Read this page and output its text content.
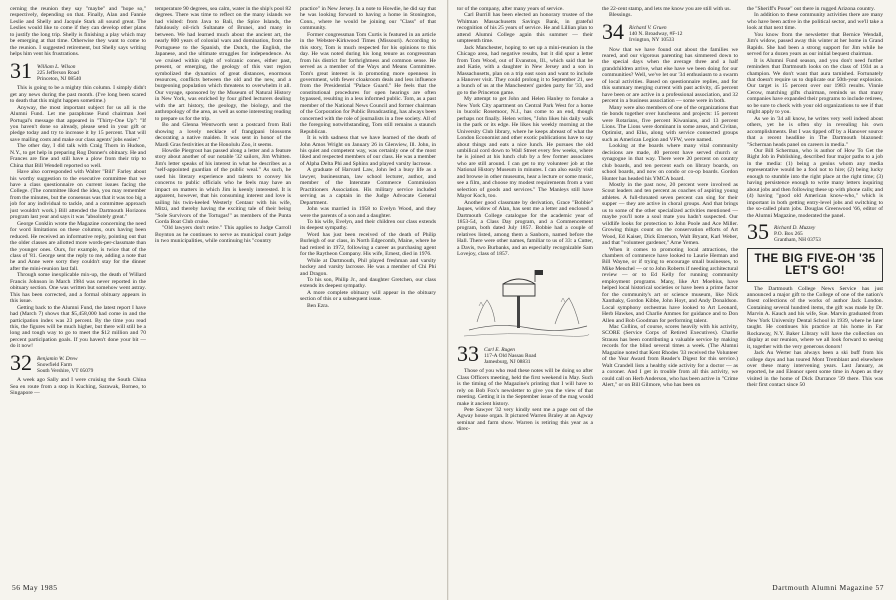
cerning the reunion they say "maybe" and "hope so," respectively, depending on that. Finally, Alan and Fannie Leslie and Shelly and Jacquie Stark all sound great. The Leslies would like to come if they can develop other plans to justify the long trip. Shelly is finishing a play which may be emerging at that time. Otherwise they want to come to the reunion. I suggested retirement, but Shelly says writing helps him vent his frustrations.

31 William L. Wilson
225 Jefferson Road
Princeton, NJ 08540

This is going to be a mighty thin column. I simply didn't get any news during the past month. (I've long been scared to death that this might happen sometime.)

Anyway, the most important subject for us all is the Alumni Fund. Let me paraphrase Fund chairman Joel Portugal's message that appeared in "Thirty-One Up": "If you haven't done so already, please send in your gift or pledge today and try to increase it by 15 percent. That will save mailing costs and make our class agents' jobs easier."

The other day, I did talk with Craig Thorn in Hudson, N.Y., to get help in preparing Rog Donner's obituary. He and Frances are fine and still have a plow from their trip to China that Bill Wendell reported so well.

Have also corresponded with Walter "Bill" Farley about his worthy suggestion to the executive committee that we have a class questionnaire on current issues facing the College. (The committee liked the idea, you may remember from the minutes, but the consensus was that it was too big a job for any individual to tackle, and a committee approach just wouldn't work.) Bill attended the Dartmouth Horizons program last year and says it was "absolutely great."

George Conklin wrote the Magazine concerning the need for word limitations on these columns, ours having been reduced. He received an informative reply, pointing out that the older classes are allotted more words-per-classmate than the younger ones. Ours, for example, is twice that of the class of '81. George sent the reply to me, adding a note that he and Anne were sorry they couldn't stay for the dinner after the mini-reunion last fall.

Through some inexplicable mix-up, the death of Willard Francis Johnson in March 1984 was never reported in the obituary section. One was written but somehow went astray. This has been corrected, and a formal obituary appears in this issue.

Getting back to the Alumni Fund, the latest report I have had (March 7) shows that $5,458,000 had come in and the participation index was 23 percent. By the time you read this, the figures will be much higher, but there will still be a long and tough way to go to meet the $12 million and 70 percent participation goals. If you haven't done your bit — do it now!

32 Benjamin W. Drew
Snowfield Farm
South Vershire, VT 05079

A week ago Sally and I were cruising the South China Sea en route from a stop in Kuching, Sarawak, Borneo, to Singapore —

temperature 90 degrees, sea calm, water in the ship's pool 82 degrees. There was time to reflect on the many islands we had visited: from Java to Bali, the Spice Islands, the fabulously oil-rich Sultanate of Brunei, and many in between. We had learned much about the ancient art, the nearly 800 years of colonial wars and domination, from the Portuguese to the Spanish, the Dutch, the English, the Japanese, and the ultimate struggles for independence. As we cruised within sight of volcanic cones, either past, present, or emerging, the geology of this vast region symbolized the dynamics of great distances, enormous resources, conflicts between the old and the new, and a burgeoning population which threatens to overwhelm it all. Our voyage, sponsored by the Museum of Natural History in New York, was enriched by four gifted lecturers dealing with the art history, the geology, the biology, and the anthropology of the area, as well as some interesting reading to prepare us for the trip.

Bo and Glenna Wentworth sent a postcard from Bali showing a lovely necklace of frangipani blossoms decorating a native maiden. It was sent in honor of the Mardi Gras festivities at the Honolulu Zoo, it seems.

Howdie Piergrout has passed along a letter and a feature story about another of our notable '32 sailors, Jim Whitten. Jim's letter speaks of his interest in what he describes as a "self-appointed guardian of the public weal." As such, he used his literary experience and talents to convey his concerns to public officials who he feels may have an impact on matters in which Jim is keenly interested. It is apparent, however, that his consuming interest and love is sailing his twin-keeled Westerly Centaur with his wife, Mitzi, and thereby having the exciting tale of their being "Sole Survivors of the Tortugas!" as members of the Punta Gorda Boat Club cruise.

"Old lawyers don't retire." This applies to Judge Carroll Boynton as he continues to serve as municipal court judge in two municipalities, while continuing his "country

practice" in New Jersey. In a note to Howdie, he did say that he was looking forward to having a home in Stonington, Conn., where he would be joining our "Class" of that community.

Former congressman Tom Curtis is featured in an article in the Webster-Kirkwood Times (Missouri). According to this story, Tom is much respected for his opinions to this day. He was noted during his long tenure as congressman from his district for forthrightness and common sense. He served as a member of the Ways and Means Committee. Tom's great interest is in promoting more openness in government, with fewer cloakroom deals and less influence from the Presidential "Palace Guard." He feels that the constitutional procedures for open hearings are often bypassed, resulting in a less informed public. Tom, as a past member of the National News Council and former chairman of the Corporation for Public Broadcasting, has always been concerned with the role of journalists in a free society. All of the foregoing notwithstanding, Tom still remains a staunch Republican.

It is with sadness that we have learned of the death of John Amos Wright on January 26 in Glenview, Ill. John, in his quiet and competent way, was certainly one of the most liked and respected members of our class. He was a member of Alpha Delta Phi and Sphinx and played varsity lacrosse.

A graduate of Harvard Law, John led a busy life as a lawyer, businessman, law school lecturer, author, and member of the Interstate Commerce Commission Practitioners Association. His military service included serving as a captain in the Judge Advocate General Department.

John was married in 1958 to Evelyn Wood, and they were the parents of a son and a daughter.

To his wife, Evelyn, and their children our class extends its deepest sympathy.

Word has just been received of the death of Philip Burleigh of our class, in North Edgecomb, Maine, where he had retired in 1972, following a career as purchasing agent for the Raytheon Company. His wife, Ernest, died in 1976.

While at Dartmouth, Phil played freshman and varsity hockey and varsity lacrosse. He was a member of Chi Phi and Dragon.

To his son, Philip Jr., and daughter Gretchen, our class extends its deepest sympathy.

A more complete obituary will appear in the obituary section of this or a subsequent issue.

Ben Ezra.

56 May 1985

tor of the company, after many years of service.

Carl Burrill has been elected an honorary trustee of the Whitman Massachusetts Savings Bank, in grateful recognition of his 25 years of service. He and Lillian plan to attend Alumni College again this summer — their umpteenth time.

Jack Manchester, hoping to set up a mini-reunion in the Chicago area, had negative results, but it did spur a letter from Tom Wood, out of Evanston, Ill., which said that he and Katie, with a daughter in New Jersey and a son in Massachusetts, plan on a trip east soon and want to include a Hanover visit. They could prolong it to September 21, see a bunch of us at the Manchesters' garden party for '33, and go to the Princeton game.

My attempt to get John and Helen Hanley to forsake a New York City apartment on Central Park West for a home in bucolic Rosemoor, N.J., has come to an end, though perhaps not finally. Helen writes, "John likes his daily walk in the park or its edge. He likes his weekly morning at the University Club library, where he keeps abreast of what the London Economist and other exotic publications have to say about things and eats a nice lunch. He pursues the old umbilical cord down to Wall Street every few weeks, where he is joined at his lunch club by a few former associates who are still around. I can get to my volunteer job at the National History Museum in minutes. I can also easily visit and browse in other museums, hear a lecture or some music, see a film, and choose my modest requirements from a vast selection of goods and services." The Manleys still have Mayor Koch, too.

Another good classmate by derivation, Grace "Bobbie" Jaques, widow of Alan, has sent me a letter and enclosed a Dartmouth College catalogue for the academic year of 1853-54, a Class Day program, and a Commencement program, both dated July 1857. Bobbie had a couple of relatives listed, among them a Sanborn, named before the Hall. There were other names, familiar to us of 33: a Cutter, a Davis, two Burbanks, and an especially recognizable Sam Lovejoy, class of 1857.

33 Carl E. Rugen
117-A Old Nassau Road
Jamesburg, NJ 08831

Those of you who read these notes will be doing so after Class Officers meeting, held the first weekend in May. Such is the timing of the Magazine's printing that I will have to rely on Bob Fox's newsletter to give you the view of that meeting. Getting it in the September issue of the mag would make it ancient history.

Pete Sawyer '32 very kindly sent me a page out of the Agway house organ. It pictured Warren Braley at an Agway seminar and farm show. Warren is retiring this year as a direc-

the 22-cent stamp, and lets me know you are still with us.

Blessings.

34 Richard V. Gruen
140 N. Broadway, #F-12
Irvington, NY 10533

Now that we have found out about the families we reared, and our vigorous parenting has simmered down to the special days when the average three and a half grandchildren arrive, what else have we been doing for our communities? Well, we've let our '34 enthusiasm to a swarm of local activities. Based on questionnaire replies, and for this summary merging current with past activity, 45 percent have been or are active in a professional association, and 32 percent in a business association — some were in both.

Many were also members of one of the organizations that tie bonds together over luncheons and projects: 15 percent were Rotarians, five percent Kiwanians, and 13 percent Lions. The Lions were dominant in some areas, and Civitan, Optimist, and Elks, along with service connected groups such as American Legion and VFW, were named.

Looking at the boards where many vital community decisions are made, 40 percent have served church or synagogue in that way. There were 20 percent on country club boards, and ten percent each on library boards, on school boards, and now on condo or co-op boards. Gordon Hunter has headed his YMCA board.

Mostly in the past now, 20 percent were involved as Scout leaders and ten percent as coaches of aspiring young athletes. A full-throated seven percent can sing for their supper — they are active in choral groups. And that brings us to some of the other specialized activities mentioned — maybe you'll note a soul mate you hadn't suspected. Our wildlife looks for protection to John Poole and Ace Miller. Growing things count on the conservation efforts of Art Wood, Ed Kaiser, Dick Emerson, Walt Bryant, Karl Weber, and that "volunteer gardener," Arne Yemen.

When it comes to promoting local attractions, the chambers of commerce have looked to Laurie Herman and Bill Wayne, or if trying to encourage small businesses, to Mike Menchel — or to John Roberts if needing architectural review — or to Ed Kelly for running community employment programs. Many, like Art Moebius, have helped local historical societies or have been a prime factor for the community's art or science museum, like Nick Xanthaky, Gordon Kibbe, John Hoyt, and Andy Donaldson. Local symphony orchestras have looked to Art Leonard, Herb Hawkes, and Charlie Ammes for guidance and to Don Allen and Bob Goodman for performing talent.

Mac Collins, of course, scores heavily with his activity, SCORE (Service Corps of Retired Executives). Charlie Strauss has been contributing a valuable service by making records for the blind several times a week. (The Alumni Magazine noted that Kent Rhodes '33 received the Volunteer of the Year Award from Reader's Digest for this service.) Walt Crandell lists a healthy side activity for a doctor — as a coroner. And I get in trouble from all this activity, we could call on Herb Anderson, who has been active in "Crime Alert," or on Bill Gilmore, who has been on

the "Sheriff's Posse" out there in rugged Arizona country.

In addition to these community activities there are many who have been active in the political sector, and we'll take a look at that next time.

You know from the newsletter that Bernice Wendall, Jim's widow, passed away this winter at her home in Grand Rapids. She had been a strong support for Jim while he served for a dozen years as our initial bequest chairman.

It is Alumni Fund season, and you don't need further reminders that Dartmouth looks on the class of 1934 as a champion. We don't want that aura tarnished. Fortunately that doesn't require us to duplicate our 50th-year explosion. Our target is 15 percent over our 1983 results. Vinnie Cerow, matching gifts chairman, reminds us that many companies have expanded their programs to include retirees, so be sure to check with your old organizations to see if that might apply to you.

As we in '34 all know, he writes very well indeed about others, yet he is often shy in revealing his own accomplishments. But I was tipped off by a Hanover source that a recent headline in The Dartmouth blazoned: "Scherman heads panel on careers in media."

Our Bill Scherman, who is author of How To Get the Right Job in Publishing, described four major paths to a job in the media: (1) being a genius whom any media representative would be a fool not to hire; (2) being lucky enough to stumble into the right place at the right time; (3) having persistence enough to write many letters inquiring about jobs and then following these up with phone calls; and (4) having "good old American know-who," which is important in both getting entry-level jobs and switching to the so-called plum jobs. Douglas Greenwood '66, editor of the Alumni Magazine, moderated the panel.

35 Richard D. Muzzey
P.O. Box 265
Grantham, NH 03753
THE BIG FIVE-OH '35 LET'S GO!

The Dartmouth College News Service has just announced a major gift to the College of one of the nation's finest collections of the works of author Jack London. Containing several hundred items, the gift was made by Dr. Marvin A. Kauch and his wife, Sue. Marvin graduated from New York University Dental School in 1939, where he later taught. He continues his practice at his home in Far Rockaway, N.Y. Baker Library will have the collection on display at our reunion, where we all look forward to seeing it, together with the very generous donors!

Jack Au Werter has always been a ski buff from his college days and has toured Mont Tremblant and elsewhere over these many intervening years. Last January, as reported, he and Eleanor spent some time in Aspen as they visited in the home of Dick Durrance '39 there. This was their first contact since 50

Dartmouth Alumni Magazine 57
